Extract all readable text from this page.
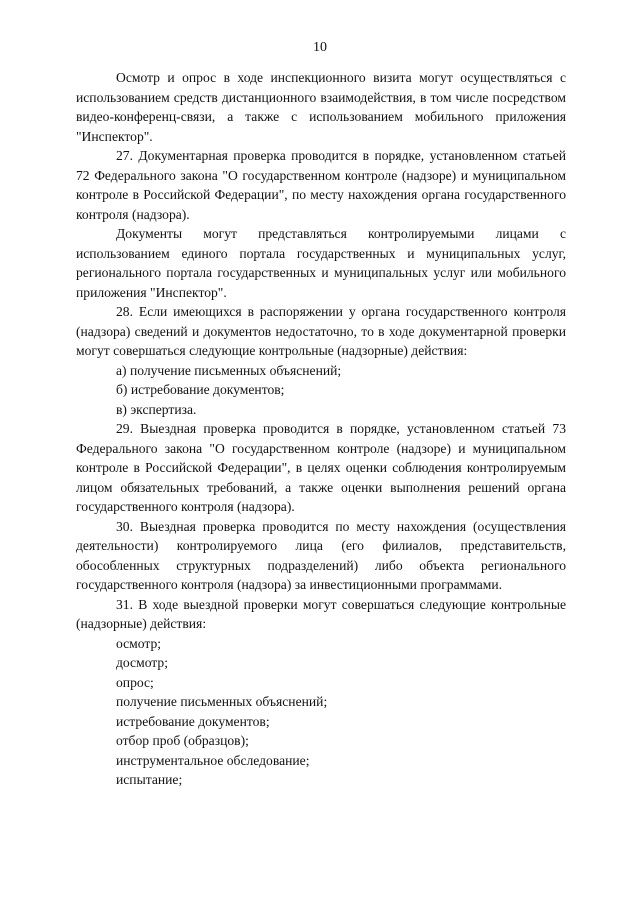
10

Осмотр и опрос в ходе инспекционного визита могут осуществляться с использованием средств дистанционного взаимодействия, в том числе посредством видео-конференц-связи, а также с использованием мобильного приложения "Инспектор".

27. Документарная проверка проводится в порядке, установленном статьей 72 Федерального закона "О государственном контроле (надзоре) и муниципальном контроле в Российской Федерации", по месту нахождения органа государственного контроля (надзора).

Документы могут представляться контролируемыми лицами с использованием единого портала государственных и муниципальных услуг, регионального портала государственных и муниципальных услуг или мобильного приложения "Инспектор".

28. Если имеющихся в распоряжении у органа государственного контроля (надзора) сведений и документов недостаточно, то в ходе документарной проверки могут совершаться следующие контрольные (надзорные) действия:

а) получение письменных объяснений;

б) истребование документов;

в) экспертиза.

29. Выездная проверка проводится в порядке, установленном статьей 73 Федерального закона "О государственном контроле (надзоре) и муниципальном контроле в Российской Федерации", в целях оценки соблюдения контролируемым лицом обязательных требований, а также оценки выполнения решений органа государственного контроля (надзора).

30. Выездная проверка проводится по месту нахождения (осуществления деятельности) контролируемого лица (его филиалов, представительств, обособленных структурных подразделений) либо объекта регионального государственного контроля (надзора) за инвестиционными программами.

31. В ходе выездной проверки могут совершаться следующие контрольные (надзорные) действия:

осмотр;

досмотр;

опрос;

получение письменных объяснений;

истребование документов;

отбор проб (образцов);

инструментальное обследование;

испытание;
